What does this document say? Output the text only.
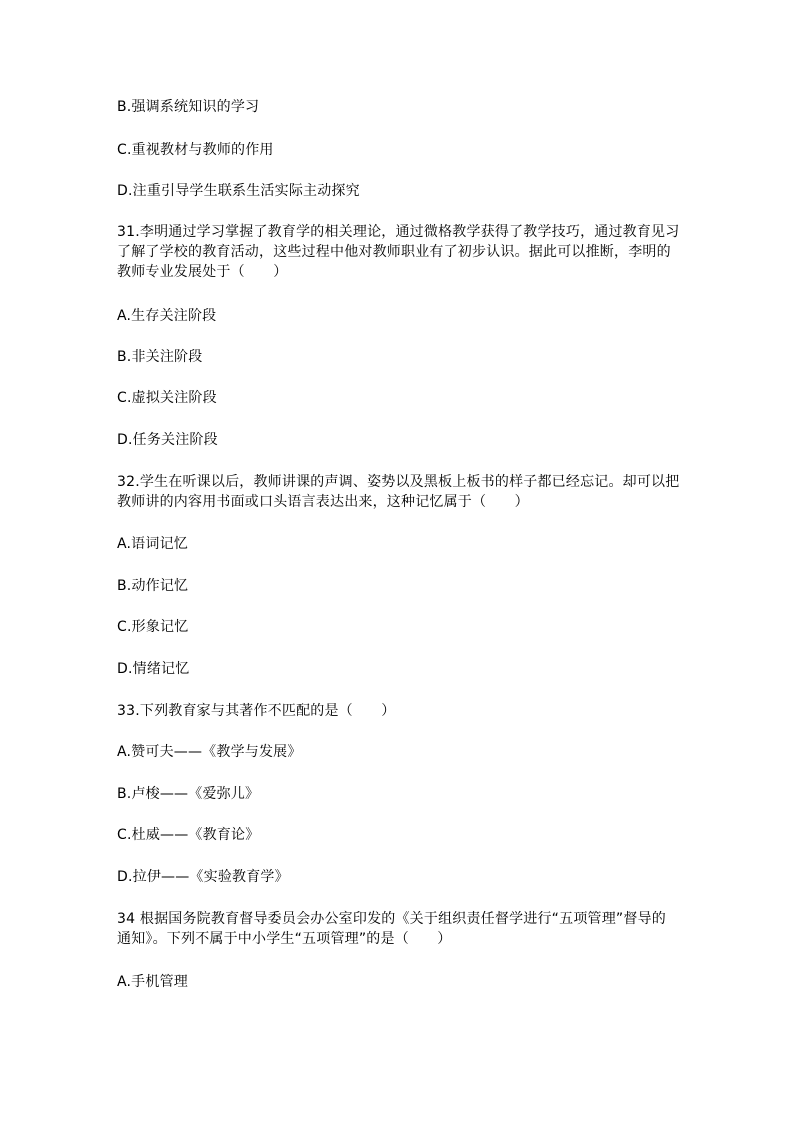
B.强调系统知识的学习
C.重视教材与教师的作用
D.注重引导学生联系生活实际主动探究
31.李明通过学习掌握了教育学的相关理论，通过微格教学获得了教学技巧，通过教育见习
了解了学校的教育活动，这些过程中他对教师职业有了初步认识。据此可以推断，李明的
教师专业发展处于（　　）
A.生存关注阶段
B.非关注阶段
C.虚拟关注阶段
D.任务关注阶段
32.学生在听课以后，教师讲课的声调、姿势以及黑板上板书的样子都已经忘记。却可以把
教师讲的内容用书面或口头语言表达出来，这种记忆属于（　　）
A.语词记忆
B.动作记忆
C.形象记忆
D.情绪记忆
33.下列教育家与其著作不匹配的是（　　）
A.赞可夫——《教学与发展》
B.卢梭——《爱弥儿》
C.杜威——《教育论》
D.拉伊——《实验教育学》
34 根据国务院教育督导委员会办公室印发的《关于组织责任督学进行“五项管理”督导的
通知》。下列不属于中小学生“五项管理”的是（　　）
A.手机管理
